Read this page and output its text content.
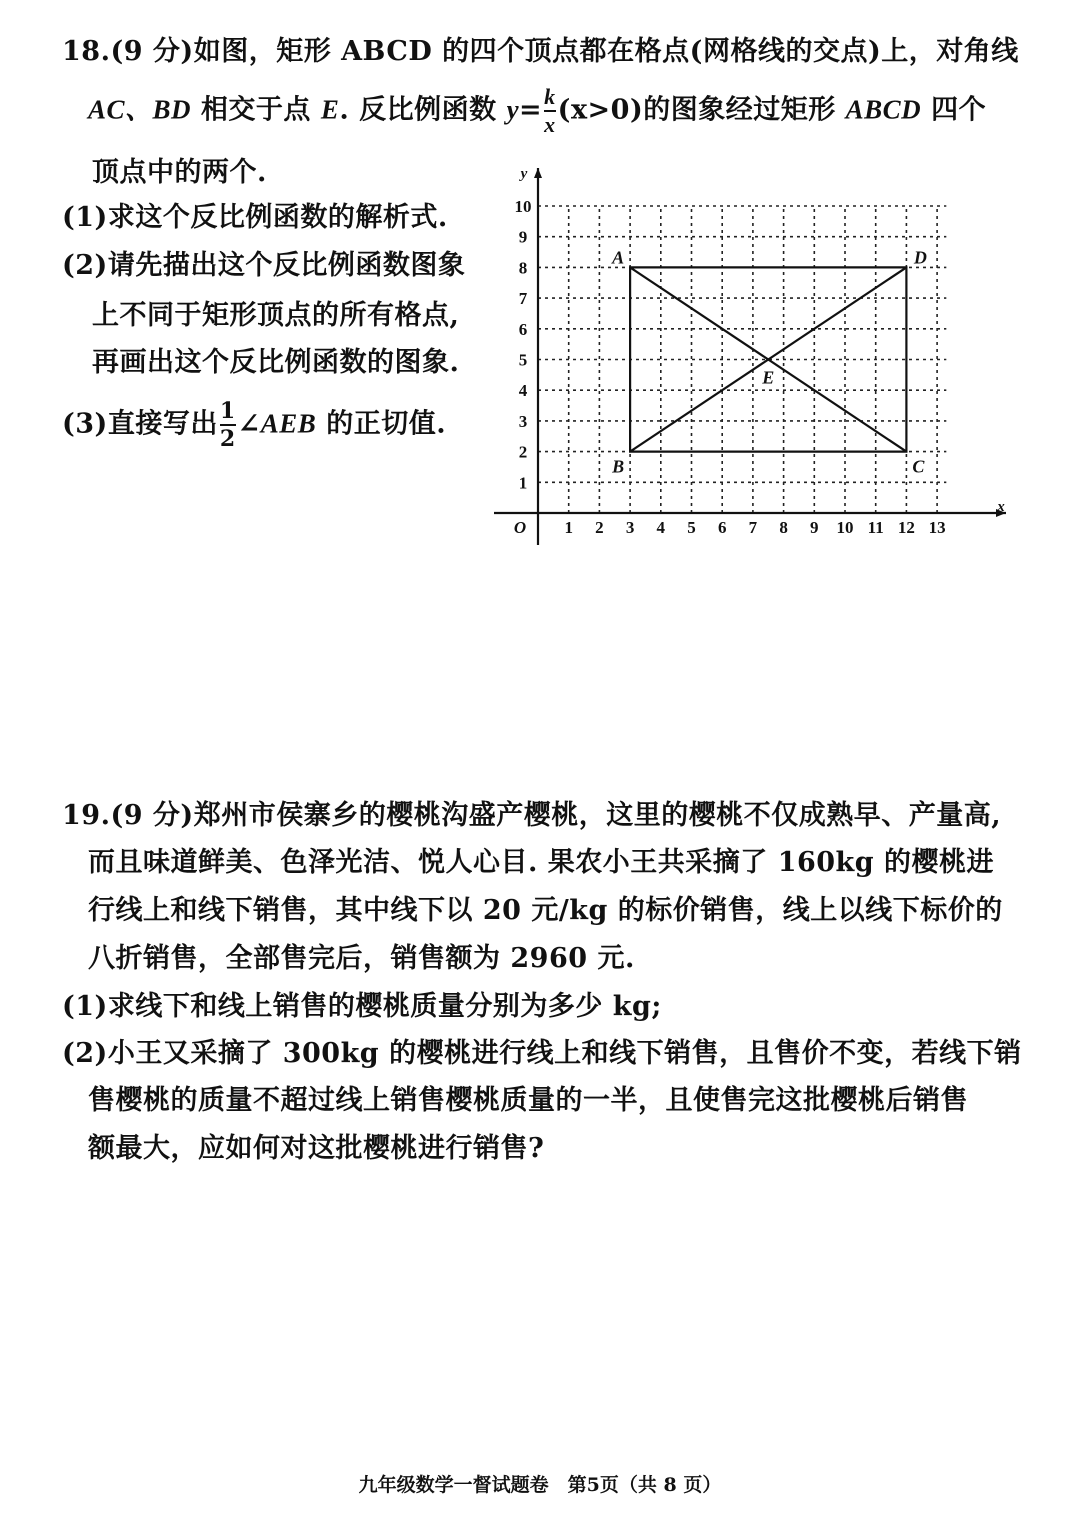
18.(9 分)如图，矩形 ABCD 的四个顶点都在格点(网格线的交点)上，对角线
AC、BD 相交于点 E. 反比例函数 $y= \frac{k}{x} (x>0)$的图象经过矩形 ABCD 四个
顶点中的两个.
(1)求这个反比例函数的解析式.
(2)请先描出这个反比例函数图象
上不同于矩形顶点的所有格点,
再画出这个反比例函数的图象.
(3)直接写出 $\frac{1}{2}$ ∠AEB 的正切值.
x
y
O 1 2 3 4 5 6 7 8 9 10 11 12 13
1
2
3
4
5
6
7
8
9
10
A
B	C
D
E
19.(9 分)郑州市侯寨乡的樱桃沟盛产樱桃，这里的樱桃不仅成熟早、产量高,
而且味道鲜美、色泽光洁、悦人心目. 果农小王共采摘了 160kg 的樱桃进
行线上和线下销售，其中线下以 20 元/kg 的标价销售，线上以线下标价的
八折销售，全部售完后，销售额为 2960 元.
(1)求线下和线上销售的樱桃质量分别为多少 kg;
(2)小王又采摘了 300kg 的樱桃进行线上和线下销售，且售价不变，若线下销
售樱桃的质量不超过线上销售樱桃质量的一半，且使售完这批樱桃后销售
额最大，应如何对这批樱桃进行销售?
九年级数学一督试题卷　第5页（共 8 页）
